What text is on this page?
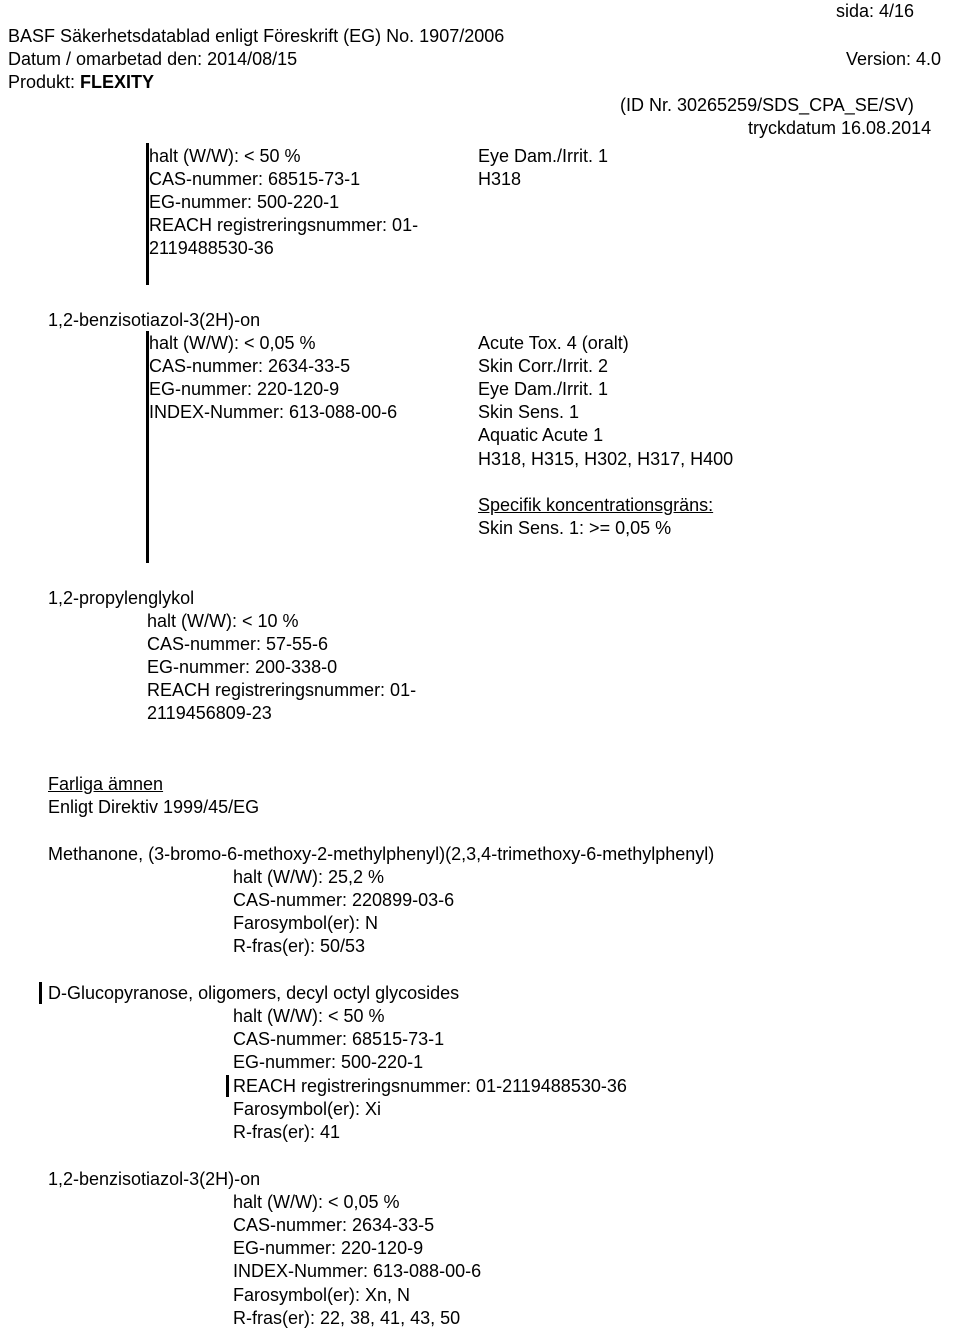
sida: 4/16
BASF Säkerhetsdatablad enligt Föreskrift (EG) No. 1907/2006
Datum / omarbetad den: 2014/08/15	Version: 4.0
Produkt: FLEXITY
(ID Nr. 30265259/SDS_CPA_SE/SV)
tryckdatum 16.08.2014
halt (W/W): < 50 %
CAS-nummer: 68515-73-1
EG-nummer: 500-220-1
REACH registreringsnummer: 01-
2119488530-36
Eye Dam./Irrit. 1
H318
1,2-benzisotiazol-3(2H)-on
halt (W/W): < 0,05 %
CAS-nummer: 2634-33-5
EG-nummer: 220-120-9
INDEX-Nummer: 613-088-00-6
Acute Tox. 4 (oralt)
Skin Corr./Irrit. 2
Eye Dam./Irrit. 1
Skin Sens. 1
Aquatic Acute 1
H318, H315, H302, H317, H400
Specifik koncentrationsgräns:
Skin Sens. 1: >= 0,05 %
1,2-propylenglykol
halt (W/W): < 10 %
CAS-nummer: 57-55-6
EG-nummer: 200-338-0
REACH registreringsnummer: 01-
2119456809-23
Farliga ämnen
Enligt Direktiv 1999/45/EG
Methanone, (3-bromo-6-methoxy-2-methylphenyl)(2,3,4-trimethoxy-6-methylphenyl)
halt (W/W): 25,2 %
CAS-nummer: 220899-03-6
Farosymbol(er): N
R-fras(er): 50/53
D-Glucopyranose, oligomers, decyl octyl glycosides
halt (W/W): < 50 %
CAS-nummer: 68515-73-1
EG-nummer: 500-220-1
REACH registreringsnummer: 01-2119488530-36
Farosymbol(er): Xi
R-fras(er): 41
1,2-benzisotiazol-3(2H)-on
halt (W/W): < 0,05 %
CAS-nummer: 2634-33-5
EG-nummer: 220-120-9
INDEX-Nummer: 613-088-00-6
Farosymbol(er): Xn, N
R-fras(er): 22, 38, 41, 43, 50
